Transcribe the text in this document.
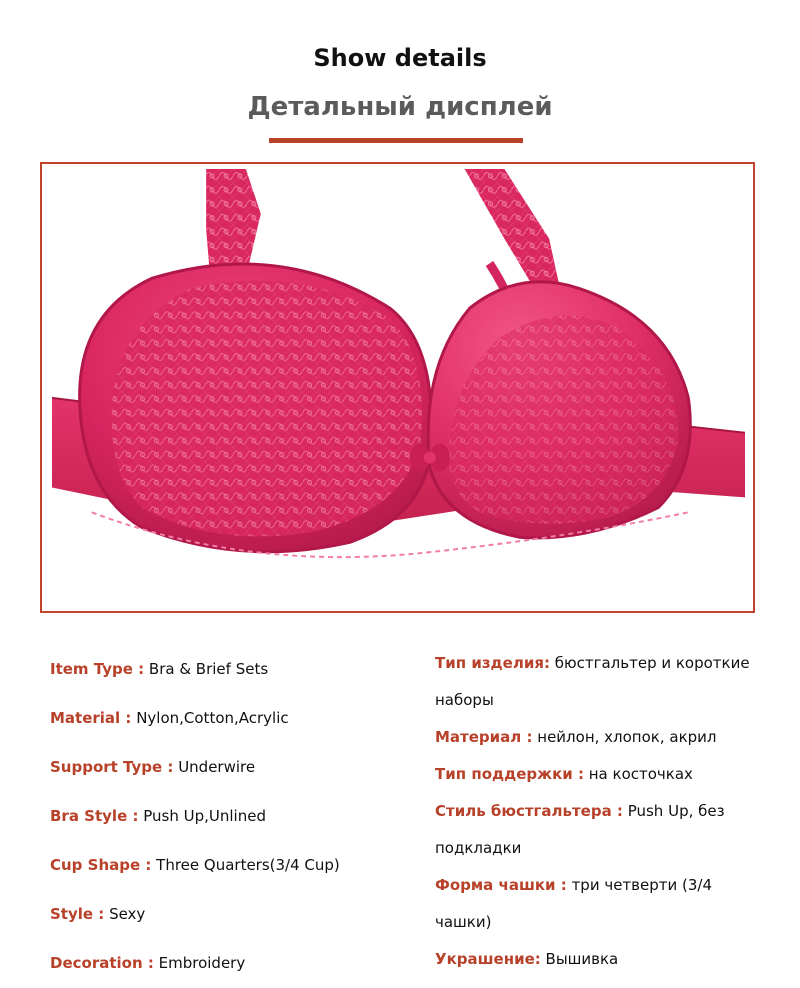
Show details
Детальный дисплей
Item Type : Bra & Brief Sets
Material : Nylon,Cotton,Acrylic
Support Type : Underwire
Bra Style : Push Up,Unlined
Cup Shape : Three Quarters(3/4 Cup)
Style : Sexy
Decoration : Embroidery
Тип изделия: бюстгальтер и короткие наборы
Материал : нейлон, хлопок, акрил
Тип поддержки : на косточках
Стиль бюстгальтера : Push Up, без подкладки
Форма чашки : три четверти (3/4 чашки)
Украшение: Вышивка
